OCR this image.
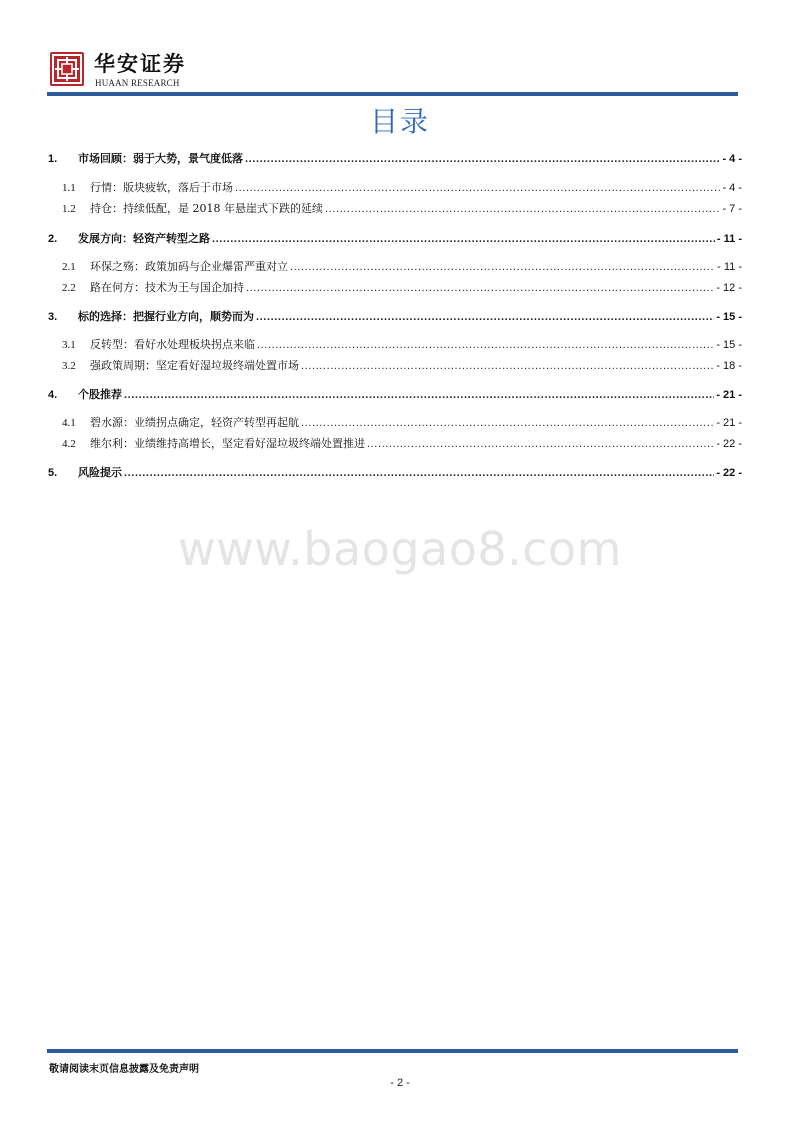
华安证券
HUAAN RESEARCH
目录
1.	市场回顾：弱于大势，景气度低落 .....	- 4 -
1.1	行情：版块疲软，落后于市场 .....	- 4 -
1.2	持仓：持续低配，是 2018 年悬崖式下跌的延续 .....	- 7 -
2.	发展方向：轻资产转型之路 .....	- 11 -
2.1	环保之殇：政策加码与企业爆雷严重对立 .....	- 11 -
2.2	路在何方：技术为王与国企加持 .....	- 12 -
3.	标的选择：把握行业方向，顺势而为 .....	- 15 -
3.1	反转型：看好水处理板块拐点来临 .....	- 15 -
3.2	强政策周期：坚定看好湿垃圾终端处置市场 .....	- 18 -
4.	个股推荐 .....	- 21 -
4.1	碧水源：业绩拐点确定，轻资产转型再起航 .....	- 21 -
4.2	维尔利：业绩维持高增长，坚定看好湿垃圾终端处置推进 .....	- 22 -
5.	风险提示 .....	- 22 -
www.baogao8.com
敬请阅读末页信息披露及免责声明
- 2 -
